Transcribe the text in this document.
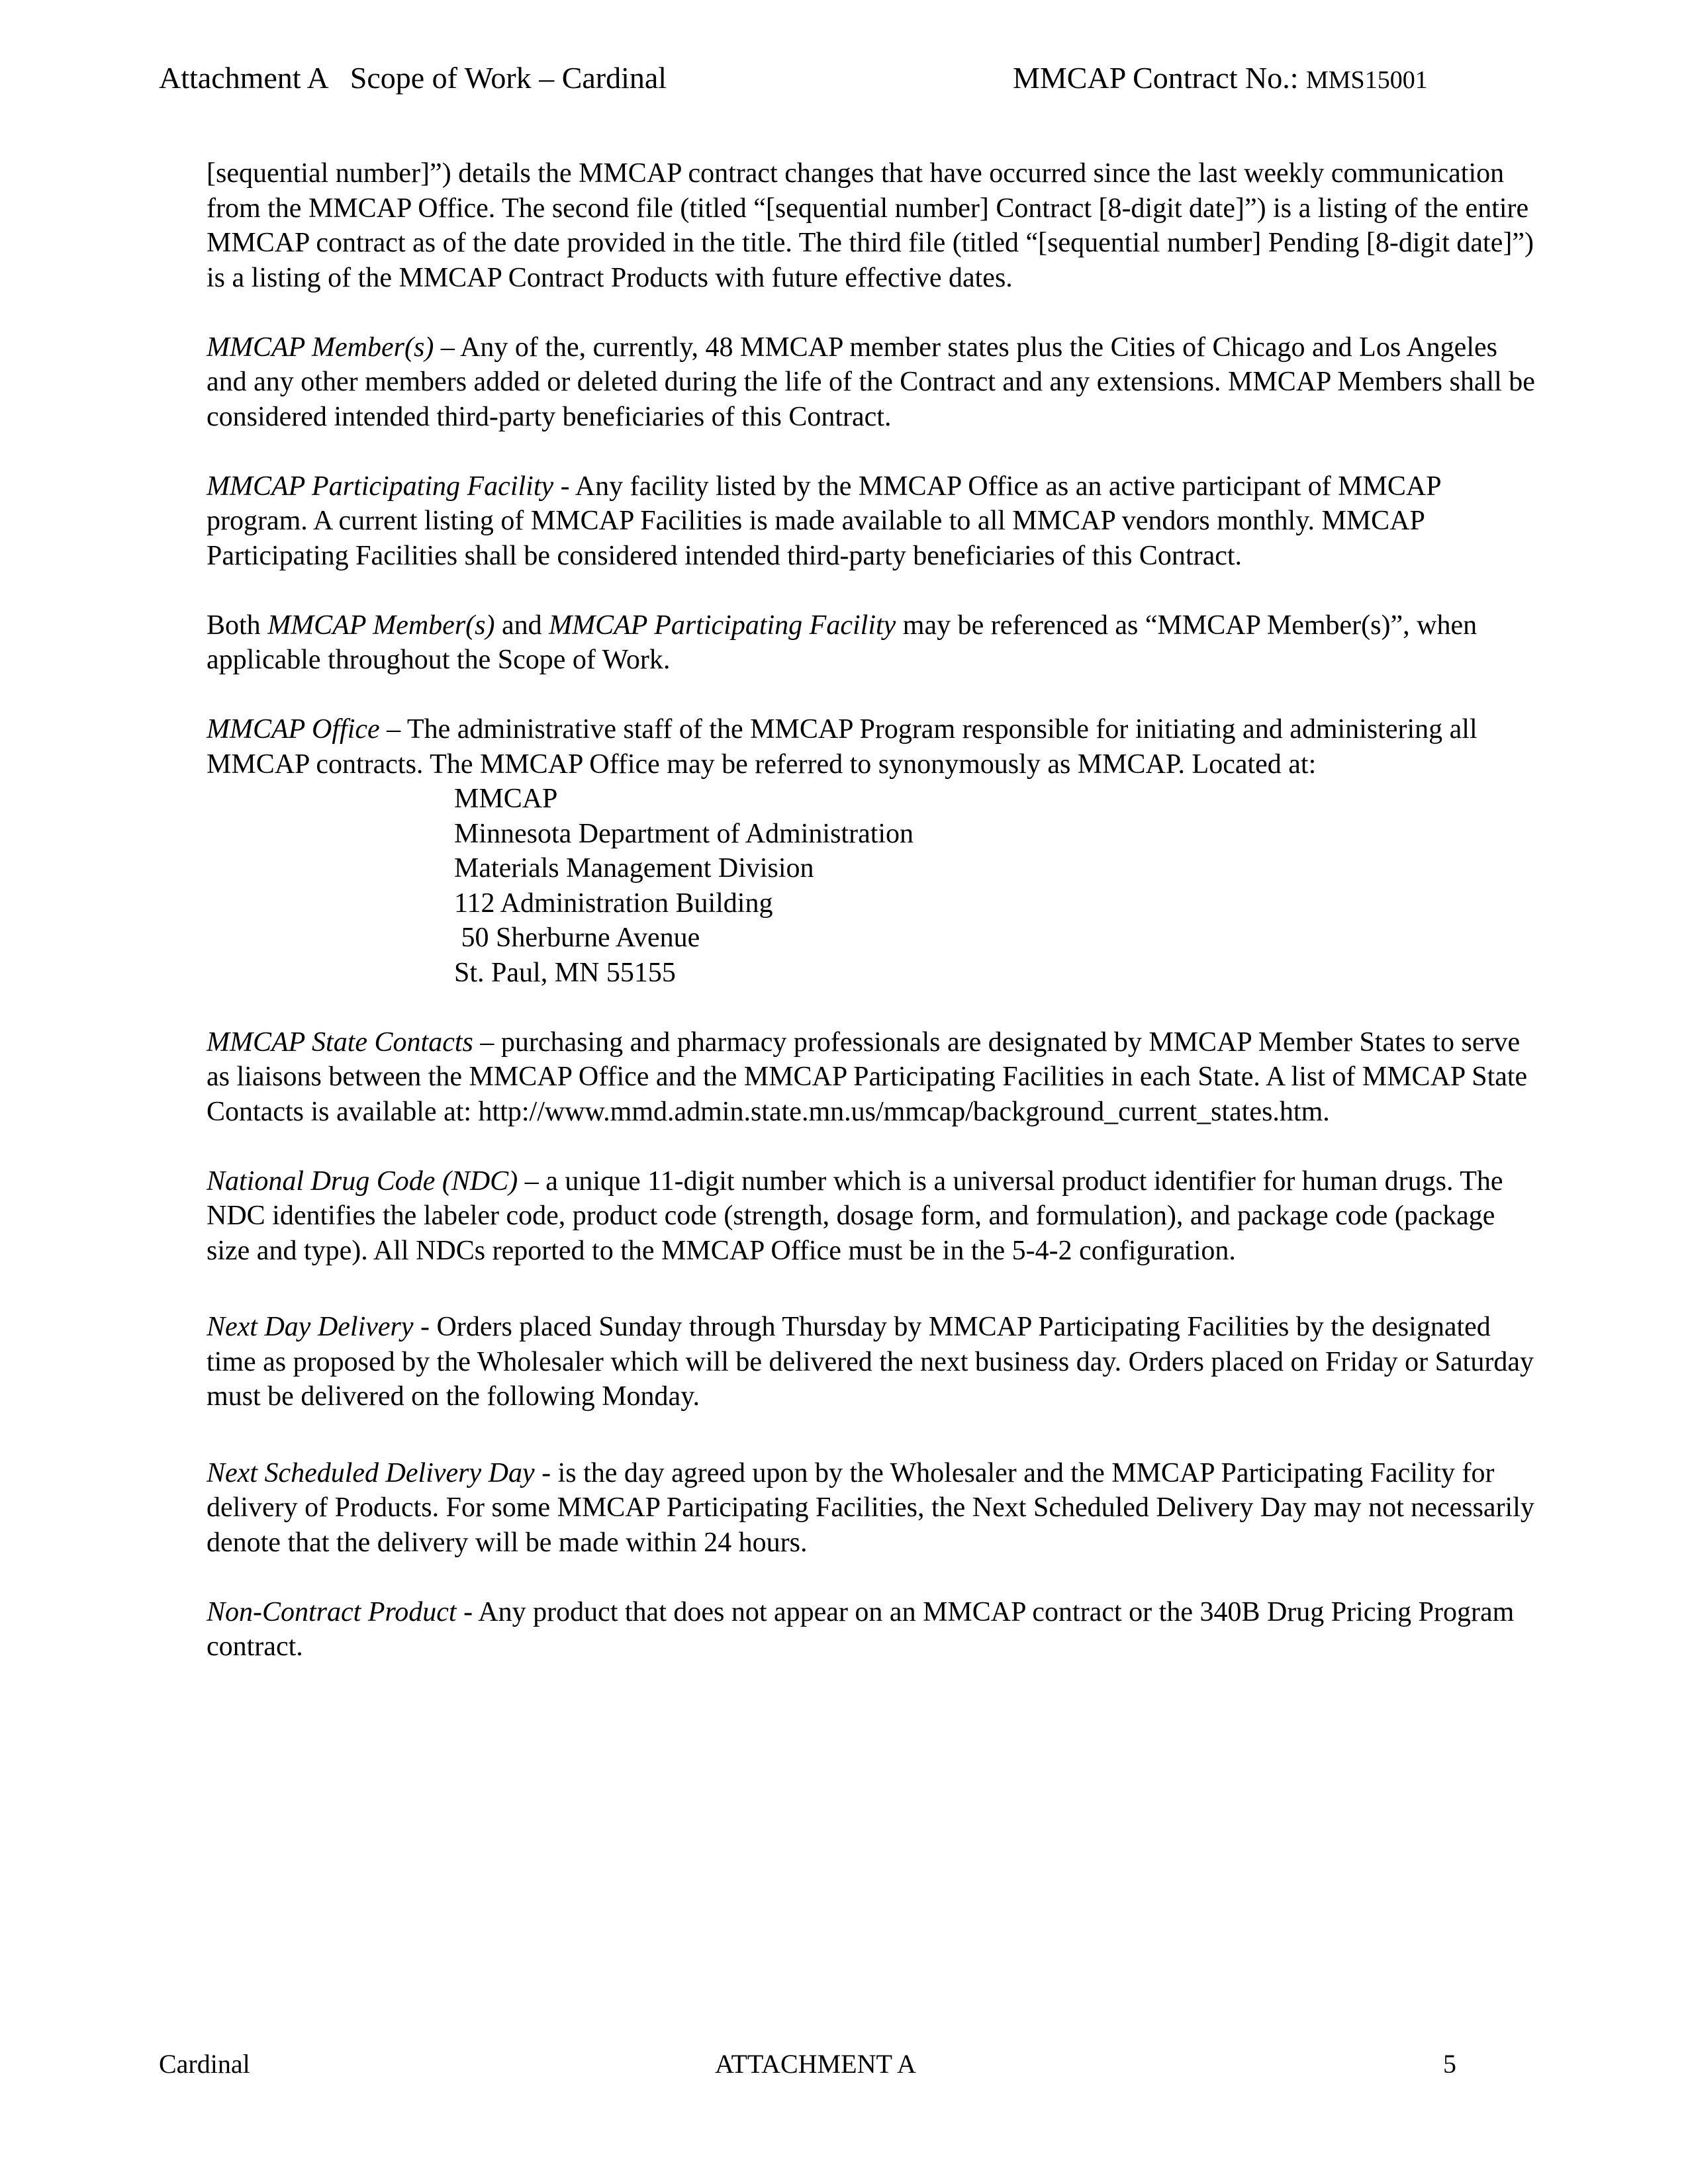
Attachment A   Scope of Work – Cardinal	MMCAP Contract No.: MMS15001

[sequential number]”) details the MMCAP contract changes that have occurred since the last weekly communication from the MMCAP Office. The second file (titled “[sequential number] Contract [8-digit date]”) is a listing of the entire MMCAP contract as of the date provided in the title. The third file (titled “[sequential number] Pending [8-digit date]”) is a listing of the MMCAP Contract Products with future effective dates.

MMCAP Member(s) – Any of the, currently, 48 MMCAP member states plus the Cities of Chicago and Los Angeles and any other members added or deleted during the life of the Contract and any extensions. MMCAP Members shall be considered intended third-party beneficiaries of this Contract.

MMCAP Participating Facility - Any facility listed by the MMCAP Office as an active participant of MMCAP program. A current listing of MMCAP Facilities is made available to all MMCAP vendors monthly. MMCAP Participating Facilities shall be considered intended third-party beneficiaries of this Contract.

Both MMCAP Member(s) and MMCAP Participating Facility may be referenced as “MMCAP Member(s)”, when applicable throughout the Scope of Work.

MMCAP Office – The administrative staff of the MMCAP Program responsible for initiating and administering all MMCAP contracts. The MMCAP Office may be referred to synonymously as MMCAP. Located at:

MMCAP
Minnesota Department of Administration
Materials Management Division
112 Administration Building
50 Sherburne Avenue
St. Paul, MN 55155

MMCAP State Contacts – purchasing and pharmacy professionals are designated by MMCAP Member States to serve as liaisons between the MMCAP Office and the MMCAP Participating Facilities in each State. A list of MMCAP State Contacts is available at: http://www.mmd.admin.state.mn.us/mmcap/background_current_states.htm.

National Drug Code (NDC) – a unique 11-digit number which is a universal product identifier for human drugs. The NDC identifies the labeler code, product code (strength, dosage form, and formulation), and package code (package size and type). All NDCs reported to the MMCAP Office must be in the 5-4-2 configuration.

Next Day Delivery - Orders placed Sunday through Thursday by MMCAP Participating Facilities by the designated time as proposed by the Wholesaler which will be delivered the next business day. Orders placed on Friday or Saturday must be delivered on the following Monday.

Next Scheduled Delivery Day - is the day agreed upon by the Wholesaler and the MMCAP Participating Facility for delivery of Products. For some MMCAP Participating Facilities, the Next Scheduled Delivery Day may not necessarily denote that the delivery will be made within 24 hours.

Non-Contract Product - Any product that does not appear on an MMCAP contract or the 340B Drug Pricing Program contract.

Cardinal	ATTACHMENT A	5
